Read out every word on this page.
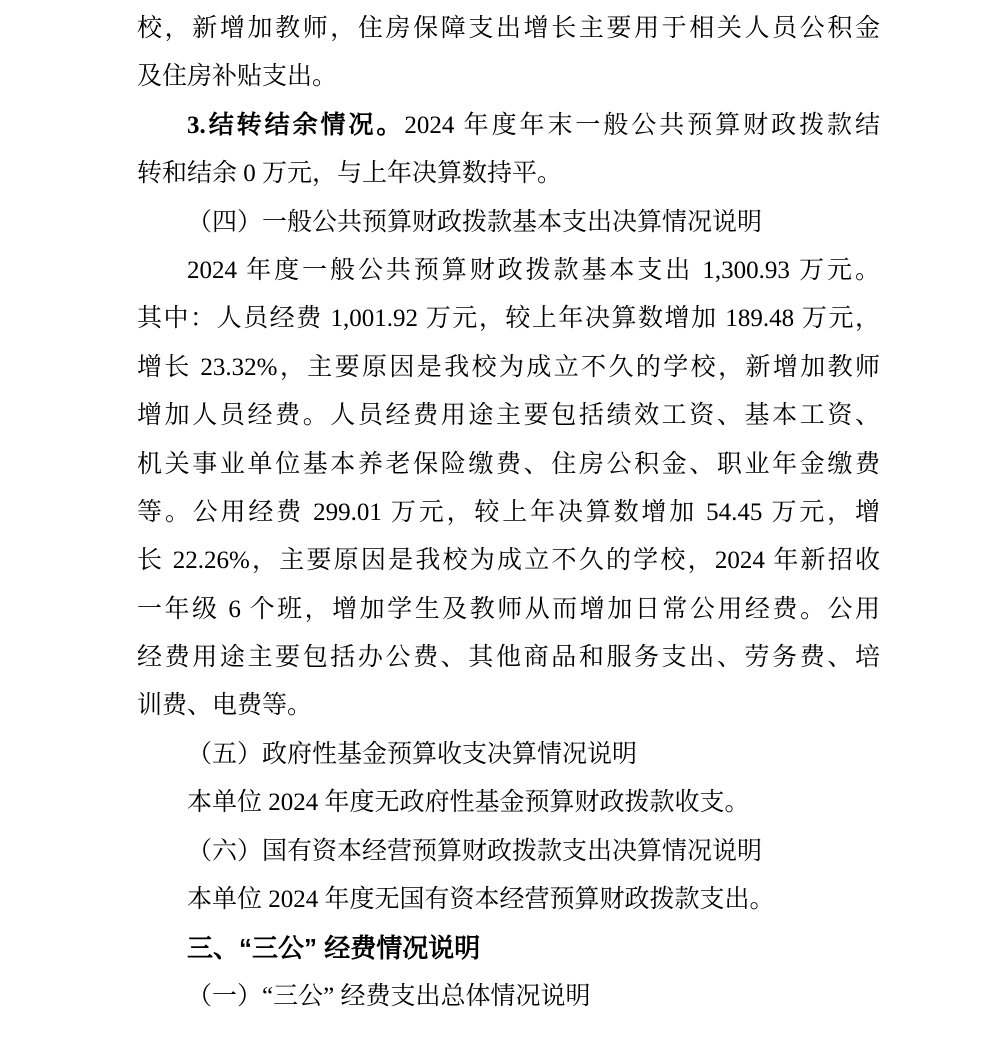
校，新增加教师，住房保障支出增长主要用于相关人员公积金
及住房补贴支出。
3.结转结余情况。2024 年度年末一般公共预算财政拨款结
转和结余 0 万元，与上年决算数持平。
（四）一般公共预算财政拨款基本支出决算情况说明
2024 年度一般公共预算财政拨款基本支出 1,300.93 万元。
其中：人员经费 1,001.92 万元，较上年决算数增加 189.48 万元，
增长 23.32%，主要原因是我校为成立不久的学校，新增加教师
增加人员经费。人员经费用途主要包括绩效工资、基本工资、
机关事业单位基本养老保险缴费、住房公积金、职业年金缴费
等。公用经费 299.01 万元，较上年决算数增加 54.45 万元，增
长 22.26%，主要原因是我校为成立不久的学校，2024 年新招收
一年级 6 个班，增加学生及教师从而增加日常公用经费。公用
经费用途主要包括办公费、其他商品和服务支出、劳务费、培
训费、电费等。
（五）政府性基金预算收支决算情况说明
本单位 2024 年度无政府性基金预算财政拨款收支。
（六）国有资本经营预算财政拨款支出决算情况说明
本单位 2024 年度无国有资本经营预算财政拨款支出。
三、“三公” 经费情况说明
（一）“三公” 经费支出总体情况说明
